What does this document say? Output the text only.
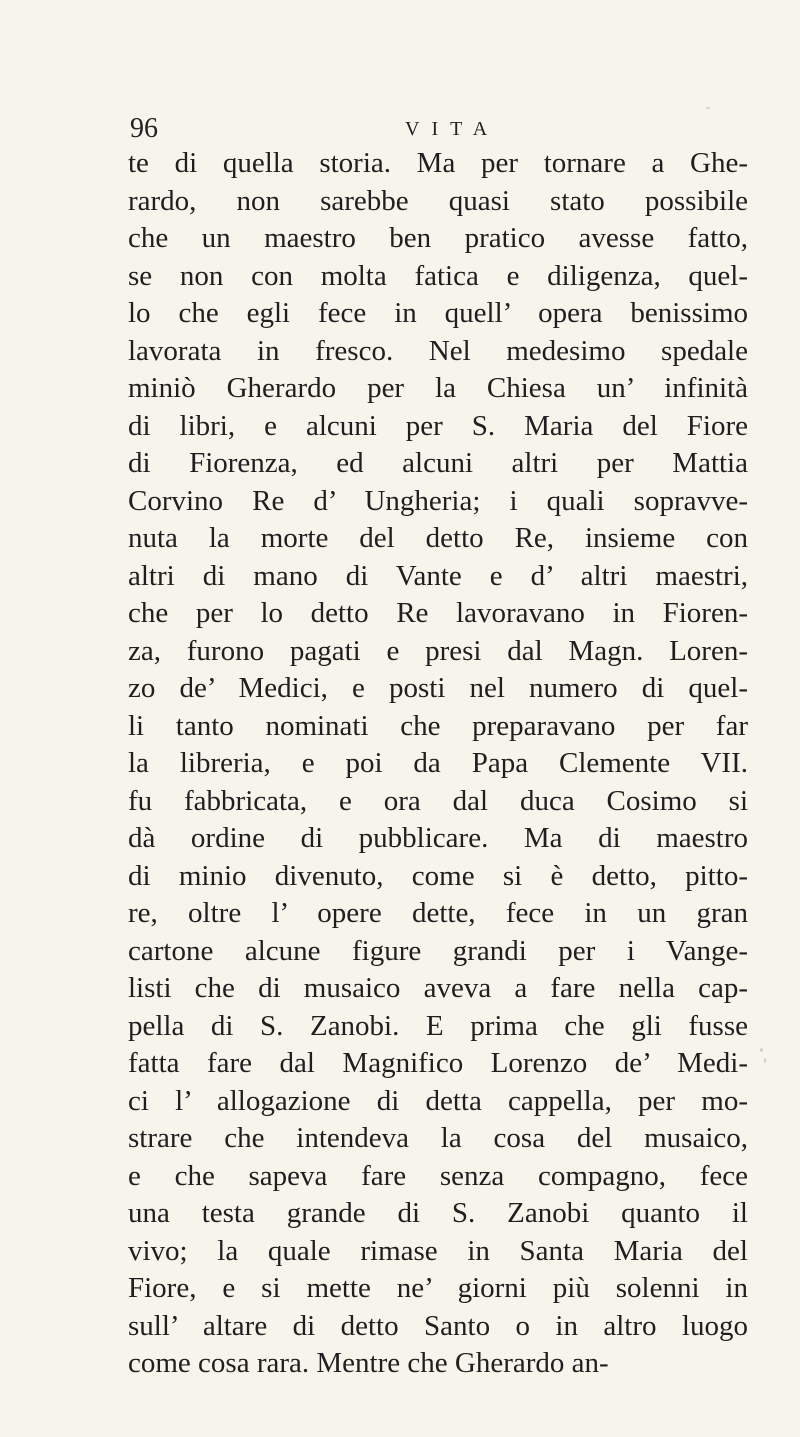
96	VITA
te di quella storia. Ma per tornare a Ghe-
rardo, non sarebbe quasi stato possibile
che un maestro ben pratico avesse fatto,
se non con molta fatica e diligenza, quel-
lo che egli fece in quell’ opera benissimo
lavorata in fresco. Nel medesimo spedale
miniò Gherardo per la Chiesa un’ infinità
di libri, e alcuni per S. Maria del Fiore
di Fiorenza, ed alcuni altri per Mattia
Corvino Re d’ Ungheria; i quali sopravve-
nuta la morte del detto Re, insieme con
altri di mano di Vante e d’ altri maestri,
che per lo detto Re lavoravano in Fioren-
za, furono pagati e presi dal Magn. Loren-
zo de’ Medici, e posti nel numero di quel-
li tanto nominati che preparavano per far
la libreria, e poi da Papa Clemente VII.
fu fabbricata, e ora dal duca Cosimo si
dà ordine di pubblicare. Ma di maestro
di minio divenuto, come si è detto, pitto-
re, oltre l’ opere dette, fece in un gran
cartone alcune figure grandi per i Vange-
listi che di musaico aveva a fare nella cap-
pella di S. Zanobi. E prima che gli fusse
fatta fare dal Magnifico Lorenzo de’ Medi-
ci l’ allogazione di detta cappella, per mo-
strare che intendeva la cosa del musaico,
e che sapeva fare senza compagno, fece
una testa grande di S. Zanobi quanto il
vivo; la quale rimase in Santa Maria del
Fiore, e si mette ne’ giorni più solenni in
sull’ altare di detto Santo o in altro luogo
come cosa rara. Mentre che Gherardo an-
